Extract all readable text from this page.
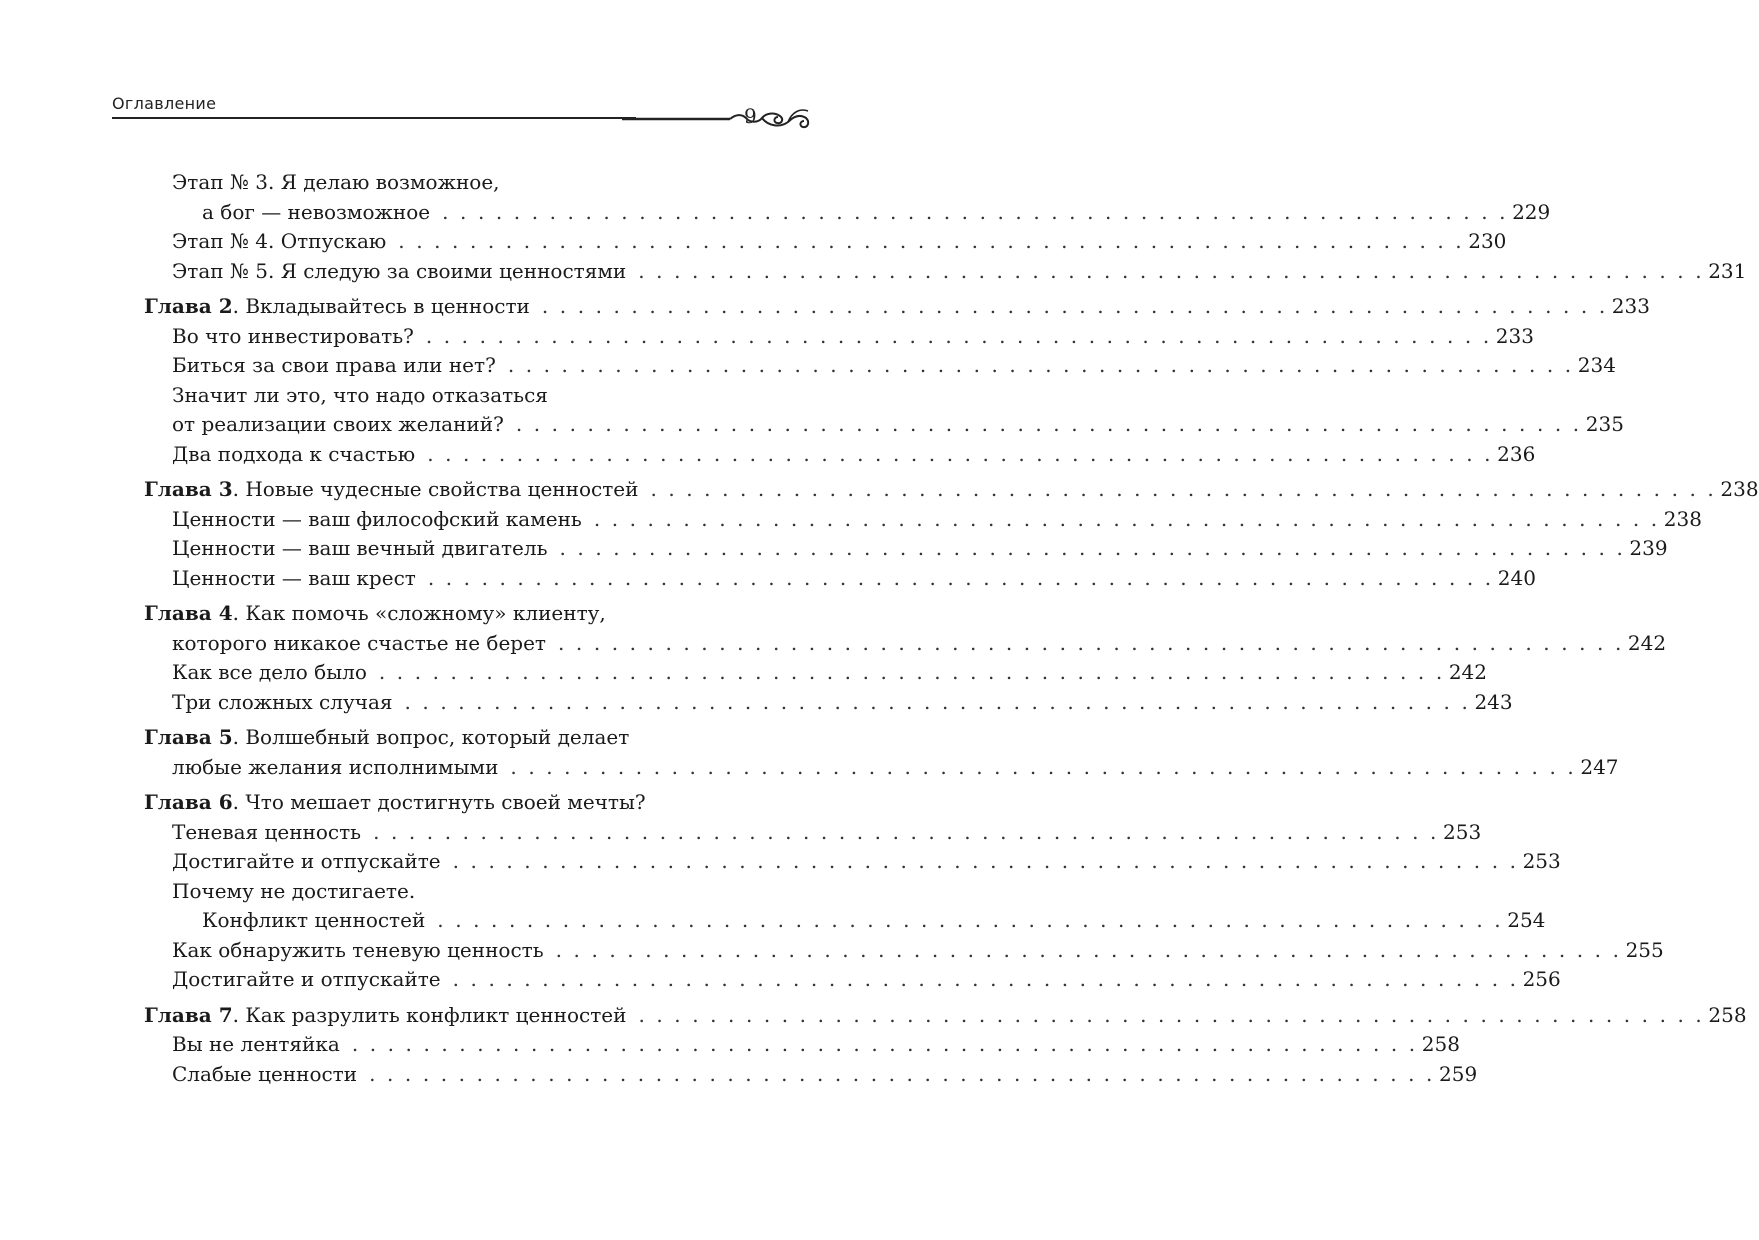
Оглавление
9
Этап № 3. Я делаю возможное,
а бог — невозможное . . . . . . . . . . . . . . . . . . . . . . . . . . . . . . . . . . . . . . . . . . . . . . . . . . . . . . . . . . . . 229
Этап № 4. Отпускаю . . . . . . . . . . . . . . . . . . . . . . . . . . . . . . . . . . . . . . . . . . . . . . . . . . . . . . . . . . . . 230
Этап № 5. Я следую за своими ценностями . . . . . . . . . . . . . . . . . . . . . . . . . . . . . . . . . . . . . . . . . . . . . . . . . . . . . . . . . . . . 231
Глава 2. Вкладывайтесь в ценности . . . . . . . . . . . . . . . . . . . . . . . . . . . . . . . . . . . . . . . . . . . . . . . . . . . . . . . . . . . . 233
Во что инвестировать? . . . . . . . . . . . . . . . . . . . . . . . . . . . . . . . . . . . . . . . . . . . . . . . . . . . . . . . . . . . . 233
Биться за свои права или нет? . . . . . . . . . . . . . . . . . . . . . . . . . . . . . . . . . . . . . . . . . . . . . . . . . . . . . . . . . . . . 234
Значит ли это, что надо отказаться
от реализации своих желаний? . . . . . . . . . . . . . . . . . . . . . . . . . . . . . . . . . . . . . . . . . . . . . . . . . . . . . . . . . . . . 235
Два подхода к счастью . . . . . . . . . . . . . . . . . . . . . . . . . . . . . . . . . . . . . . . . . . . . . . . . . . . . . . . . . . . . 236
Глава 3. Новые чудесные свойства ценностей . . . . . . . . . . . . . . . . . . . . . . . . . . . . . . . . . . . . . . . . . . . . . . . . . . . . . . . . . . . . 238
Ценности — ваш философский камень . . . . . . . . . . . . . . . . . . . . . . . . . . . . . . . . . . . . . . . . . . . . . . . . . . . . . . . . . . . . 238
Ценности — ваш вечный двигатель . . . . . . . . . . . . . . . . . . . . . . . . . . . . . . . . . . . . . . . . . . . . . . . . . . . . . . . . . . . . 239
Ценности — ваш крест . . . . . . . . . . . . . . . . . . . . . . . . . . . . . . . . . . . . . . . . . . . . . . . . . . . . . . . . . . . . 240
Глава 4. Как помочь «сложному» клиенту,
которого никакое счастье не берет . . . . . . . . . . . . . . . . . . . . . . . . . . . . . . . . . . . . . . . . . . . . . . . . . . . . . . . . . . . . 242
Как все дело было . . . . . . . . . . . . . . . . . . . . . . . . . . . . . . . . . . . . . . . . . . . . . . . . . . . . . . . . . . . . 242
Три сложных случая . . . . . . . . . . . . . . . . . . . . . . . . . . . . . . . . . . . . . . . . . . . . . . . . . . . . . . . . . . . . 243
Глава 5. Волшебный вопрос, который делает
любые желания исполнимыми . . . . . . . . . . . . . . . . . . . . . . . . . . . . . . . . . . . . . . . . . . . . . . . . . . . . . . . . . . . . 247
Глава 6. Что мешает достигнуть своей мечты?
Теневая ценность . . . . . . . . . . . . . . . . . . . . . . . . . . . . . . . . . . . . . . . . . . . . . . . . . . . . . . . . . . . . 253
Достигайте и отпускайте . . . . . . . . . . . . . . . . . . . . . . . . . . . . . . . . . . . . . . . . . . . . . . . . . . . . . . . . . . . . 253
Почему не достигаете.
Конфликт ценностей . . . . . . . . . . . . . . . . . . . . . . . . . . . . . . . . . . . . . . . . . . . . . . . . . . . . . . . . . . . . 254
Как обнаружить теневую ценность . . . . . . . . . . . . . . . . . . . . . . . . . . . . . . . . . . . . . . . . . . . . . . . . . . . . . . . . . . . . 255
Достигайте и отпускайте . . . . . . . . . . . . . . . . . . . . . . . . . . . . . . . . . . . . . . . . . . . . . . . . . . . . . . . . . . . . 256
Глава 7. Как разрулить конфликт ценностей . . . . . . . . . . . . . . . . . . . . . . . . . . . . . . . . . . . . . . . . . . . . . . . . . . . . . . . . . . . . 258
Вы не лентяйка . . . . . . . . . . . . . . . . . . . . . . . . . . . . . . . . . . . . . . . . . . . . . . . . . . . . . . . . . . . . 258
Слабые ценности . . . . . . . . . . . . . . . . . . . . . . . . . . . . . . . . . . . . . . . . . . . . . . . . . . . . . . . . . . . . 259
